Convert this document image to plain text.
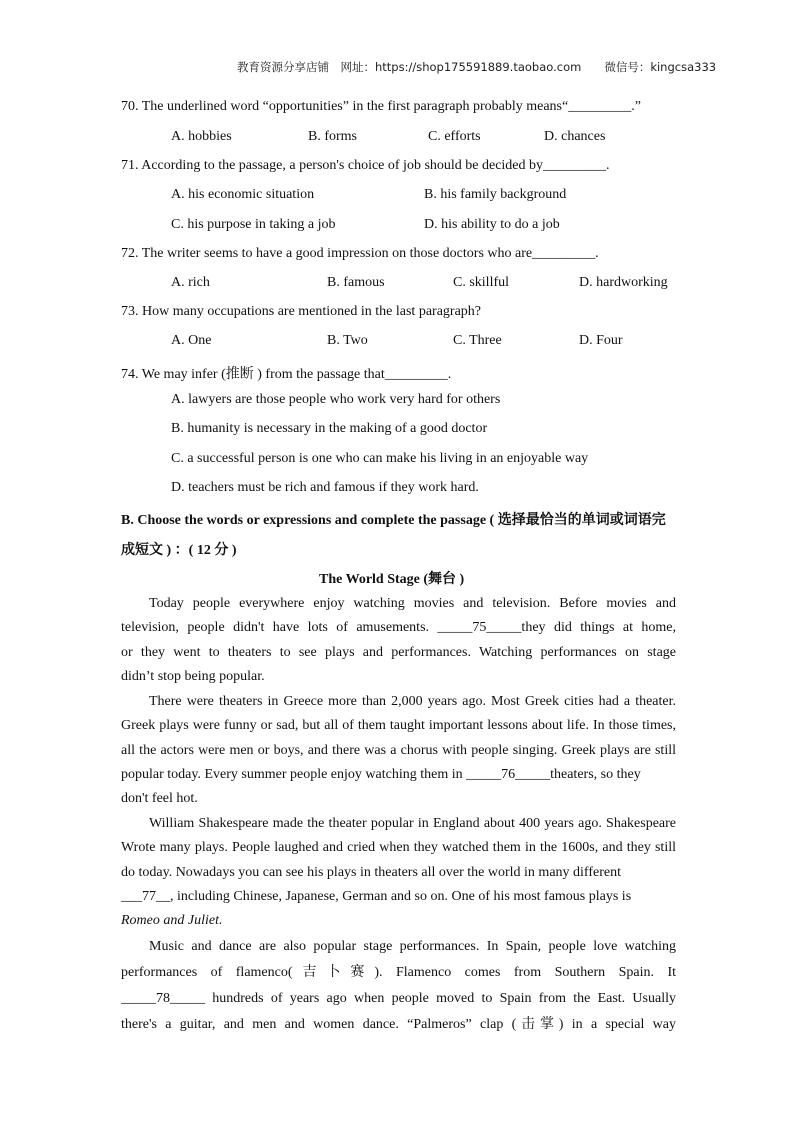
教育资源分享店铺　网址：https://shop175591889.taobao.com　　微信号：kingcsa333
70. The underlined word “opportunities” in the first paragraph probably means“_________.”
A. hobbies	B. forms	C. efforts	D. chances
71. According to the passage, a person's choice of job should be decided by_________.
A. his economic situation	B. his family background
C. his purpose in taking a job	D. his ability to do a job
72. The writer seems to have a good impression on those doctors who are_________.
A. rich	B. famous	C. skillful	D. hardworking
73. How many occupations are mentioned in the last paragraph?
A. One	B. Two	C. Three	D. Four
74. We may infer (推断 ) from the passage that_________.
A. lawyers are those people who work very hard for others
B. humanity is necessary in the making of a good doctor
C. a successful person is one who can make his living in an enjoyable way
D. teachers must be rich and famous if they work hard.
B. Choose the words or expressions and complete the passage ( 选择最恰当的单词或词语完
成短文 ) ：( 12 分 )
The World Stage (舞台 )
Today people everywhere enjoy watching movies and television. Before movies and
television, people didn't have lots of amusements. _____75_____they did things at home,
or they went to theaters to see plays and performances. Watching performances on stage
didn’t stop being popular.
There were theaters in Greece more than 2,000 years ago. Most Greek cities had a theater.
Greek plays were funny or sad, but all of them taught important lessons about life. In those times,
all the actors were men or boys, and there was a chorus with people singing. Greek plays are still
popular today. Every summer people enjoy watching them in _____76_____theaters, so they
don't feel hot.
William Shakespeare made the theater popular in England about 400 years ago. Shakespeare
Wrote many plays. People laughed and cried when they watched them in the 1600s, and they still
do today. Nowadays you can see his plays in theaters all over the world in many different
___77__, including Chinese, Japanese, German and so on. One of his most famous plays is
Romeo and Juliet.
Music and dance are also popular stage performances. In Spain, people love watching
performances of flamenco(吉卜赛). Flamenco comes from Southern Spain. It
_____78_____ hundreds of years ago when people moved to Spain from the East. Usually
there's a guitar, and men and women dance. “Palmeros” clap (击掌) in a special way
